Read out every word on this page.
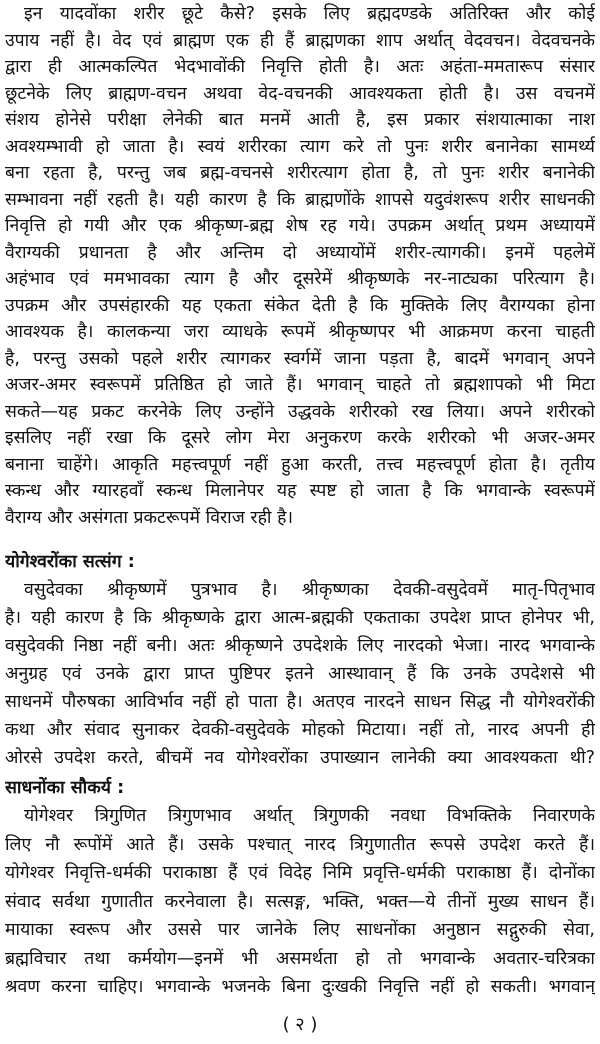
इन यादवोंका शरीर छूटे कैसे? इसके लिए ब्रह्मदण्डके अतिरिक्त और कोई
उपाय नहीं है। वेद एवं ब्राह्मण एक ही हैं ब्राह्मणका शाप अर्थात् वेदवचन। वेदवचनके
द्वारा ही आत्मकल्पित भेदभावोंकी निवृत्ति होती है। अतः अहंता-ममतारूप संसार
छूटनेके लिए ब्राह्मण-वचन अथवा वेद-वचनकी आवश्यकता होती है। उस वचनमें
संशय होनेसे परीक्षा लेनेकी बात मनमें आती है, इस प्रकार संशयात्माका नाश
अवश्यम्भावी हो जाता है। स्वयं शरीरका त्याग करे तो पुनः शरीर बनानेका सामर्थ्य
बना रहता है, परन्तु जब ब्रह्म-वचनसे शरीरत्याग होता है, तो पुनः शरीर बनानेकी
सम्भावना नहीं रहती है। यही कारण है कि ब्राह्मणोंके शापसे यदुवंशरूप शरीर साधनकी
निवृत्ति हो गयी और एक श्रीकृष्ण-ब्रह्म शेष रह गये। उपक्रम अर्थात् प्रथम अध्यायमें
वैराग्यकी प्रधानता है और अन्तिम दो अध्यायोंमें शरीर-त्यागकी। इनमें पहलेमें
अहंभाव एवं ममभावका त्याग है और दूसरेमें श्रीकृष्णके नर-नाट्यका परित्याग है।
उपक्रम और उपसंहारकी यह एकता संकेत देती है कि मुक्तिके लिए वैराग्यका होना
आवश्यक है। कालकन्या जरा व्याधके रूपमें श्रीकृष्णपर भी आक्रमण करना चाहती
है, परन्तु उसको पहले शरीर त्यागकर स्वर्गमें जाना पड़ता है, बादमें भगवान् अपने
अजर-अमर स्वरूपमें प्रतिष्ठित हो जाते हैं। भगवान् चाहते तो ब्रह्मशापको भी मिटा
सकते—यह प्रकट करनेके लिए उन्होंने उद्धवके शरीरको रख लिया। अपने शरीरको
इसलिए नहीं रखा कि दूसरे लोग मेरा अनुकरण करके शरीरको भी अजर-अमर
बनाना चाहेंगे। आकृति महत्त्वपूर्ण नहीं हुआ करती, तत्त्व महत्त्वपूर्ण होता है। तृतीय
स्कन्ध और ग्यारहवाँ स्कन्ध मिलानेपर यह स्पष्ट हो जाता है कि भगवान्के स्वरूपमें
वैराग्य और असंगता प्रकटरूपमें विराज रही है।
योगेश्वरोंका सत्संग :
वसुदेवका श्रीकृष्णमें पुत्रभाव है। श्रीकृष्णका देवकी-वसुदेवमें मातृ-पितृभाव
है। यही कारण है कि श्रीकृष्णके द्वारा आत्म-ब्रह्मकी एकताका उपदेश प्राप्त होनेपर भी,
वसुदेवकी निष्ठा नहीं बनी। अतः श्रीकृष्णने उपदेशके लिए नारदको भेजा। नारद भगवान्के
अनुग्रह एवं उनके द्वारा प्राप्त पुष्टिपर इतने आस्थावान् हैं कि उनके उपदेशसे भी
साधनमें पौरुषका आविर्भाव नहीं हो पाता है। अतएव नारदने साधन सिद्ध नौ योगेश्वरोंकी
कथा और संवाद सुनाकर देवकी-वसुदेवके मोहको मिटाया। नहीं तो, नारद अपनी ही
ओरसे उपदेश करते, बीचमें नव योगेश्वरोंका उपाख्यान लानेकी क्या आवश्यकता थी?
साधनोंका सौकर्य :
योगेश्वर त्रिगुणित त्रिगुणभाव अर्थात् त्रिगुणकी नवधा विभक्तिके निवारणके
लिए नौ रूपोंमें आते हैं। उसके पश्चात् नारद त्रिगुणातीत रूपसे उपदेश करते हैं।
योगेश्वर निवृत्ति-धर्मकी पराकाष्ठा हैं एवं विदेह निमि प्रवृत्ति-धर्मकी पराकाष्ठा हैं। दोनोंका
संवाद सर्वथा गुणातीत करनेवाला है। सत्सङ्ग, भक्ति, भक्त—ये तीनों मुख्य साधन हैं।
मायाका स्वरूप और उससे पार जानेके लिए साधनोंका अनुष्ठान सद्गुरुकी सेवा,
ब्रह्मविचार तथा कर्मयोग—इनमें भी असमर्थता हो तो भगवान्के अवतार-चरित्रका
श्रवण करना चाहिए। भगवान्के भजनके बिना दुःखकी निवृत्ति नहीं हो सकती। भगवान्
( २ )
